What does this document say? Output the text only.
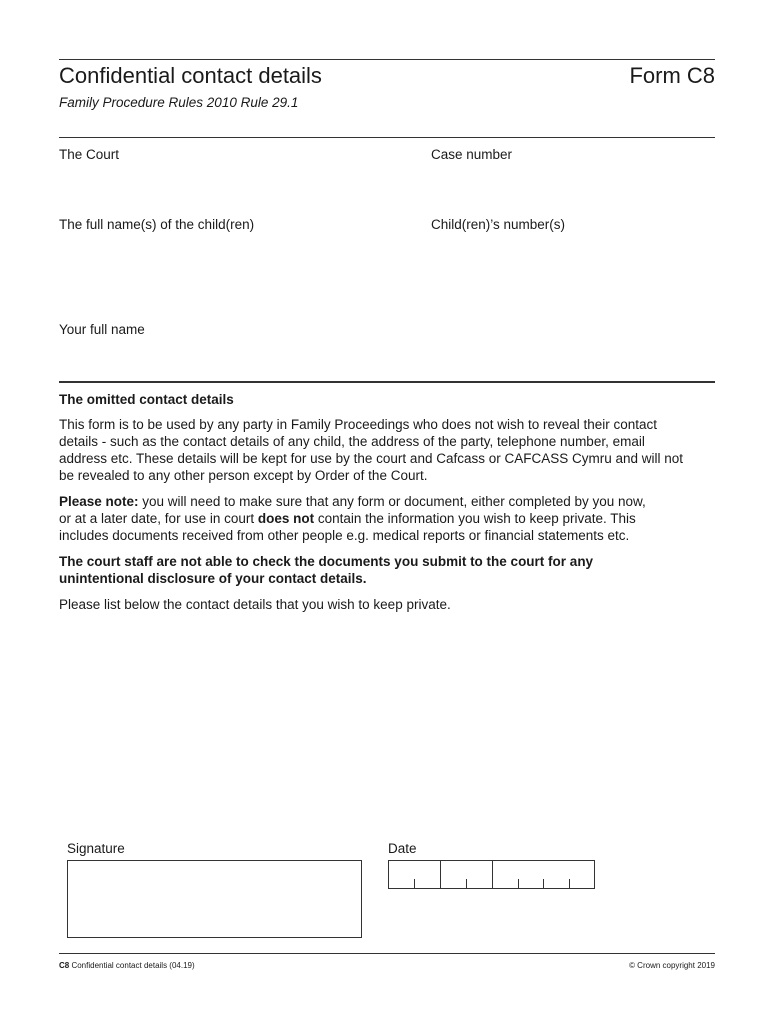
Confidential contact details	Form C8
Family Procedure Rules 2010 Rule 29.1
The Court	Case number
The full name(s) of the child(ren)	Child(ren)’s number(s)
Your full name
The omitted contact details
This form is to be used by any party in Family Proceedings who does not wish to reveal their contact
details - such as the contact details of any child, the address of the party, telephone number, email
address etc. These details will be kept for use by the court and Cafcass or CAFCASS Cymru and will not
be revealed to any other person except by Order of the Court.
Please note: you will need to make sure that any form or document, either completed by you now,
or at a later date, for use in court does not contain the information you wish to keep private. This
includes documents received from other people e.g. medical reports or financial statements etc.
The court staff are not able to check the documents you submit to the court for any
unintentional disclosure of your contact details.
Please list below the contact details that you wish to keep private.
Signature	Date
C8 Confidential contact details (04.19)	© Crown copyright 2019
